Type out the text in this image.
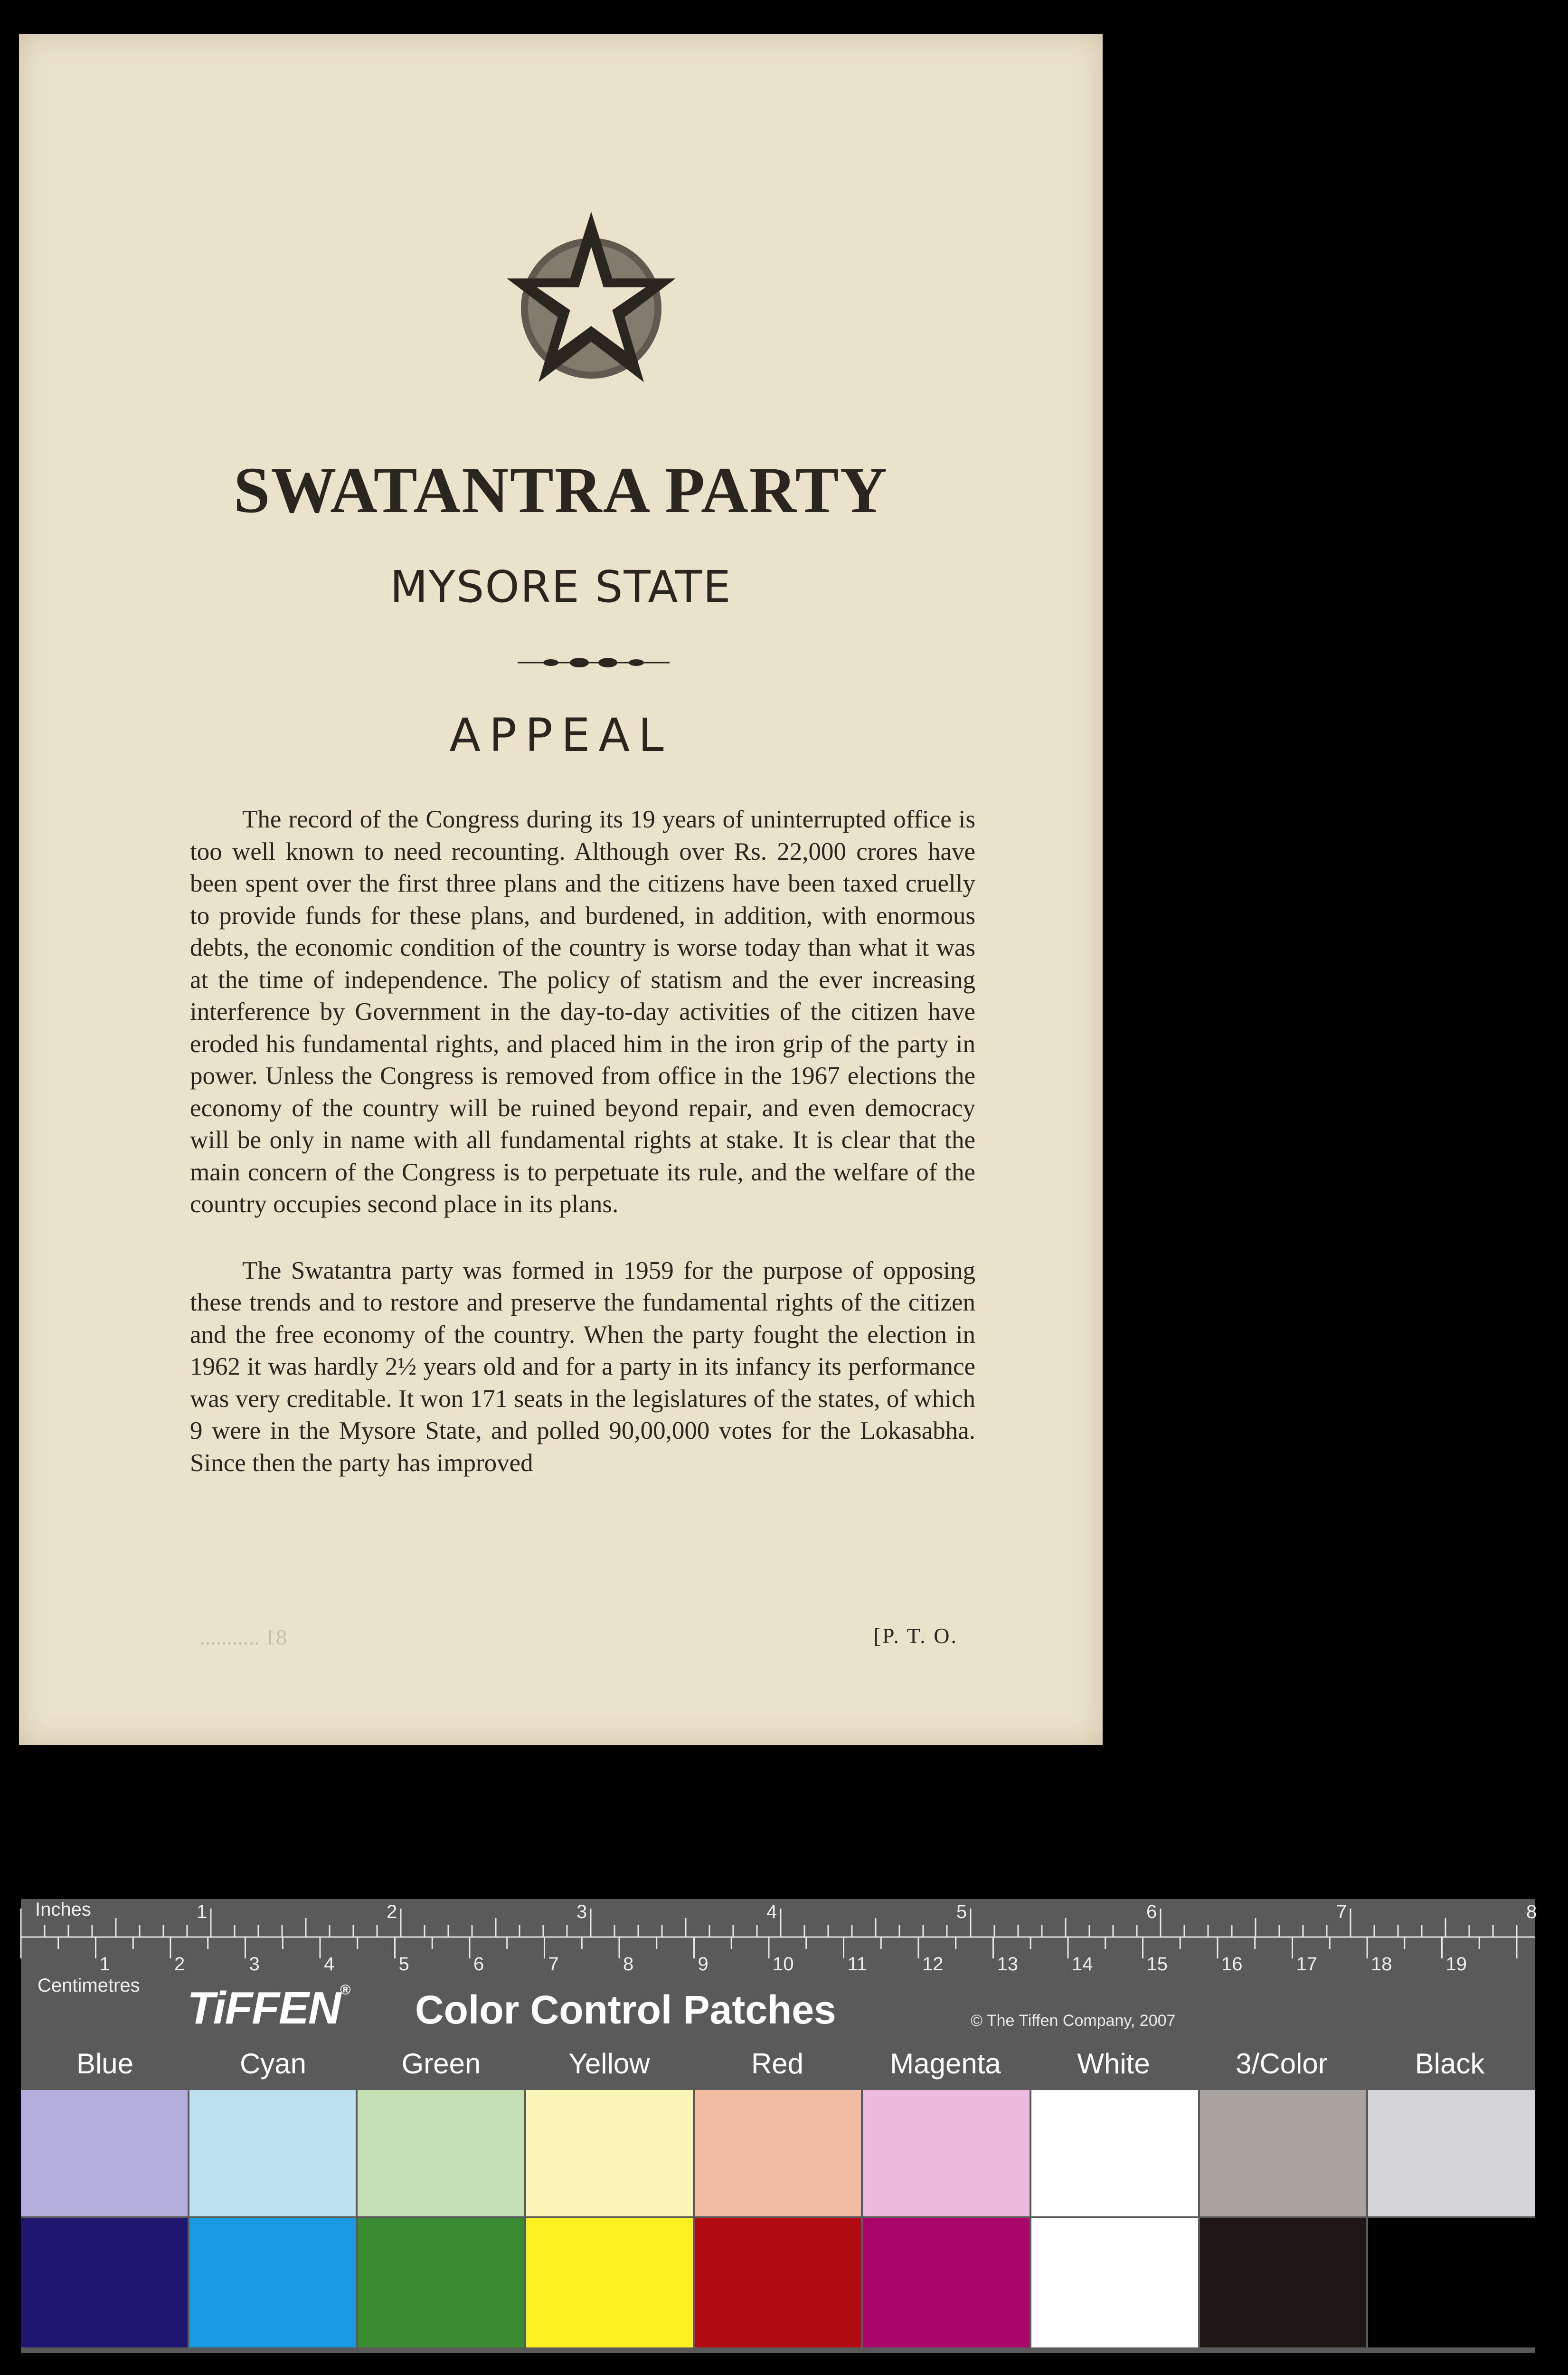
SWATANTRA PARTY
MYSORE STATE
APPEAL

The record of the Congress during its 19 years of uninterrupted office is too well known to need recounting. Although over Rs. 22,000 crores have been spent over the first three plans and the citizens have been taxed cruelly to provide funds for these plans, and burdened, in addition, with enormous debts, the economic condition of the country is worse today than what it was at the time of independence. The policy of statism and the ever increasing interference by Government in the day-to-day activities of the citizen have eroded his fundamental rights, and placed him in the iron grip of the party in power. Unless the Congress is removed from office in the 1967 elections the economy of the country will be ruined beyond repair, and even democracy will be only in name with all fundamental rights at stake. It is clear that the main concern of the Congress is to perpetuate its rule, and the welfare of the country occupies second place in its plans.

The Swatantra party was formed in 1959 for the purpose of opposing these trends and to restore and preserve the fundamental rights of the citizen and the free economy of the country. When the party fought the election in 1962 it was hardly 2½ years old and for a party in its infancy its performance was very creditable. It won 171 seats in the legislatures of the states, of which 9 were in the Mysore State, and polled 90,00,000 votes for the Lokasabha. Since then the party has improved

81 ...........	[P. T. O.
1	2	3	4	5	6	7	8
1	2	3	4	5	6	7	8	9	10	11	12	13	14	15	16	17	18	19
Inches
Centimetres TiFFEN® Color Control Patches	© The Tiffen Company, 2007
Blue	Cyan	Green	Yellow	Red	Magenta	White	3/Color	Black
